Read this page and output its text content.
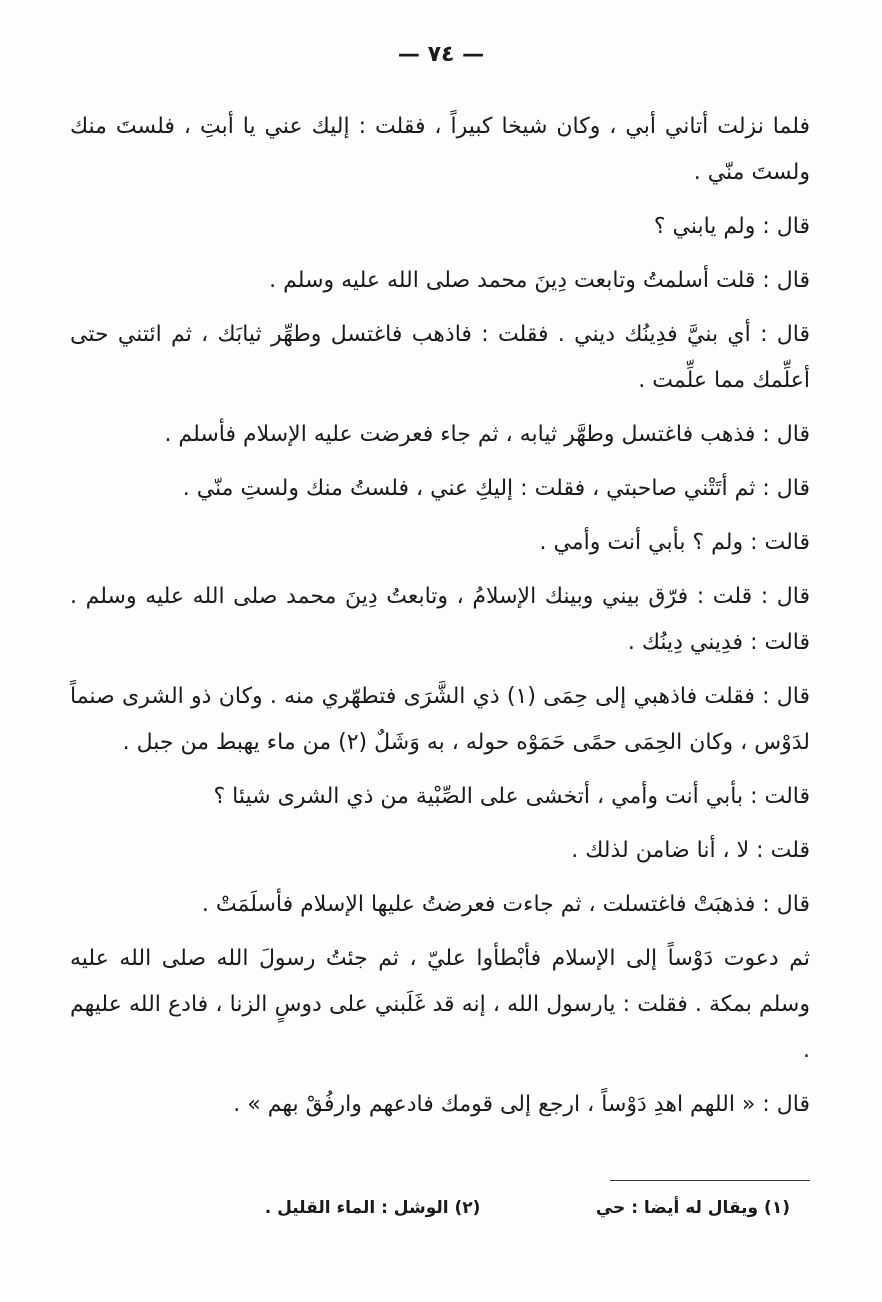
— ٧٤ —

فلما نزلت أتاني أبي ، وكان شيخا كبيراً ، فقلت : إليك عني يا أبتِ ، فلستَ منك ولستَ منّي .

قال : ولم يابني ؟

قال : قلت أسلمتُ وتابعت دِينَ محمد صلى الله عليه وسلم .

قال : أي بنيَّ فدِينُك ديني . فقلت : فاذهب فاغتسل وطهِّر ثيابَك ، ثم ائتني حتى أعلِّمك مما علِّمت .

قال : فذهب فاغتسل وطهَّر ثيابه ، ثم جاء فعرضت عليه الإسلام فأسلم .

قال : ثم أتَتْني صاحبتي ، فقلت : إليكِ عني ، فلستُ منك ولستِ منّي .

قالت : ولم ؟ بأبي أنت وأمي .

قال : قلت : فرّق بيني وبينك الإسلامُ ، وتابعتُ دِينَ محمد صلى الله عليه وسلم . قالت : فدِيني دِينُك .

قال : فقلت فاذهبي إلى حِمَى (١) ذي الشَّرَى فتطهّري منه . وكان ذو الشرى صنماً لدَوْس ، وكان الحِمَى حمًى حَمَوْه حوله ، به وَشَلٌ (٢) من ماء يهبط من جبل .

قالت : بأبي أنت وأمي ، أتخشى على الصِّبْية من ذي الشرى شيئا ؟

قلت : لا ، أنا ضامن لذلك .

قال : فذهبَتْ فاغتسلت ، ثم جاءت فعرضتُ عليها الإسلام فأسلَمَتْ .

ثم دعوت دَوْساً إلى الإسلام فأبْطأوا عليّ ، ثم جئتُ رسولَ الله صلى الله عليه وسلم بمكة . فقلت : يارسول الله ، إنه قد غَلَبني على دوسٍ الزنا ، فادع الله عليهم .

قال : « اللهم اهدِ دَوْساً ، ارجع إلى قومك فادعهم وارفُقْ بهم » .

(١) ويقال له أيضا : حي (٢) الوشل : الماء القليل .
